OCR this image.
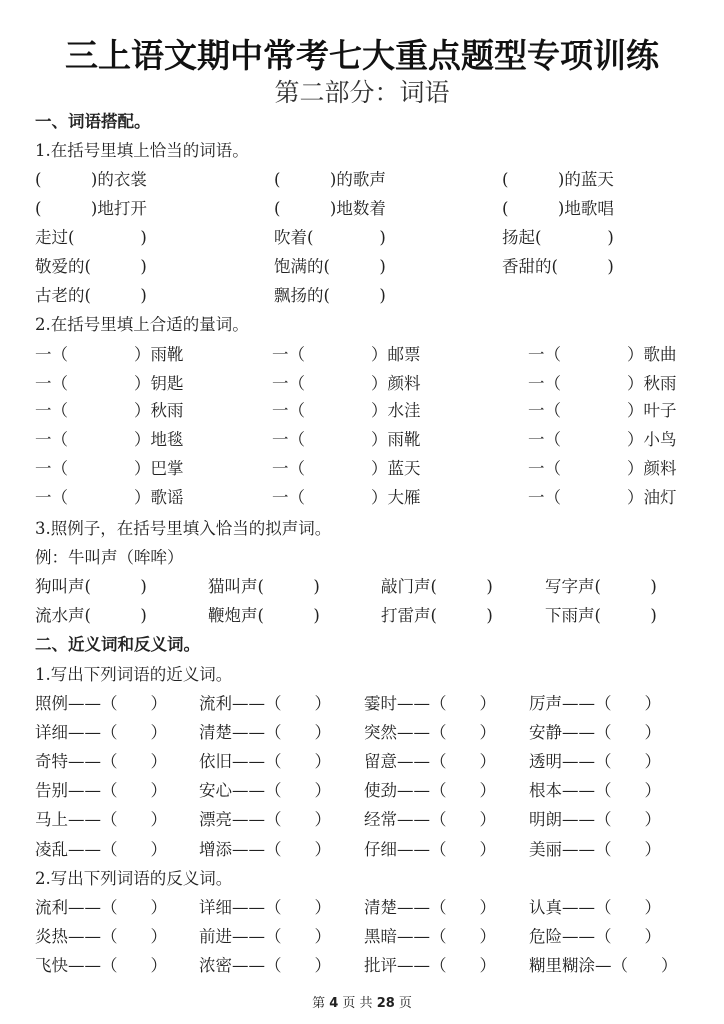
三上语文期中常考七大重点题型专项训练
第二部分：词语
一、词语搭配。
1.在括号里填上恰当的词语。
(　　　)的衣裳	(　　　)的歌声	(　　　)的蓝天
(　　　)地打开	(　　　)地数着	(　　　)地歌唱
走过(　　　　)	吹着(　　　　)	扬起(　　　　)
敬爱的(　　　)	饱满的(　　　)	香甜的(　　　)
古老的(　　　)	飘扬的(　　　)
2.在括号里填上合适的量词。
一（　　　　）雨靴	一（　　　　）邮票	一（　　　　）歌曲
一（　　　　）钥匙	一（　　　　）颜料	一（　　　　）秋雨
一（　　　　）秋雨	一（　　　　）水洼	一（　　　　）叶子
一（　　　　）地毯	一（　　　　）雨靴	一（　　　　）小鸟
一（　　　　）巴掌	一（　　　　）蓝天	一（　　　　）颜料
一（　　　　）歌谣	一（　　　　）大雁	一（　　　　）油灯
3.照例子，在括号里填入恰当的拟声词。
例：牛叫声（哞哞）
狗叫声(　　　)	猫叫声(　　　)	敲门声(　　　)	写字声(　　　)
流水声(　　　)	鞭炮声(　　　)	打雷声(　　　)	下雨声(　　　)
二、近义词和反义词。
1.写出下列词语的近义词。
照例——（　　） 流利——（　　） 霎时——（　　） 厉声——（　　）
详细——（　　） 清楚——（　　） 突然——（　　） 安静——（　　）
奇特——（　　） 依旧——（　　） 留意——（　　） 透明——（　　）
告别——（　　） 安心——（　　） 使劲——（　　） 根本——（　　）
马上——（　　） 漂亮——（　　） 经常——（　　） 明朗——（　　）
凌乱——（　　） 增添——（　　） 仔细——（　　） 美丽——（　　）
2.写出下列词语的反义词。
流利——（　　） 详细——（　　） 清楚——（　　） 认真——（　　）
炎热——（　　） 前进——（　　） 黑暗——（　　） 危险——（　　）
飞快——（　　） 浓密——（　　） 批评——（　　） 糊里糊涂—（　　）
第 4 页 共 28 页
